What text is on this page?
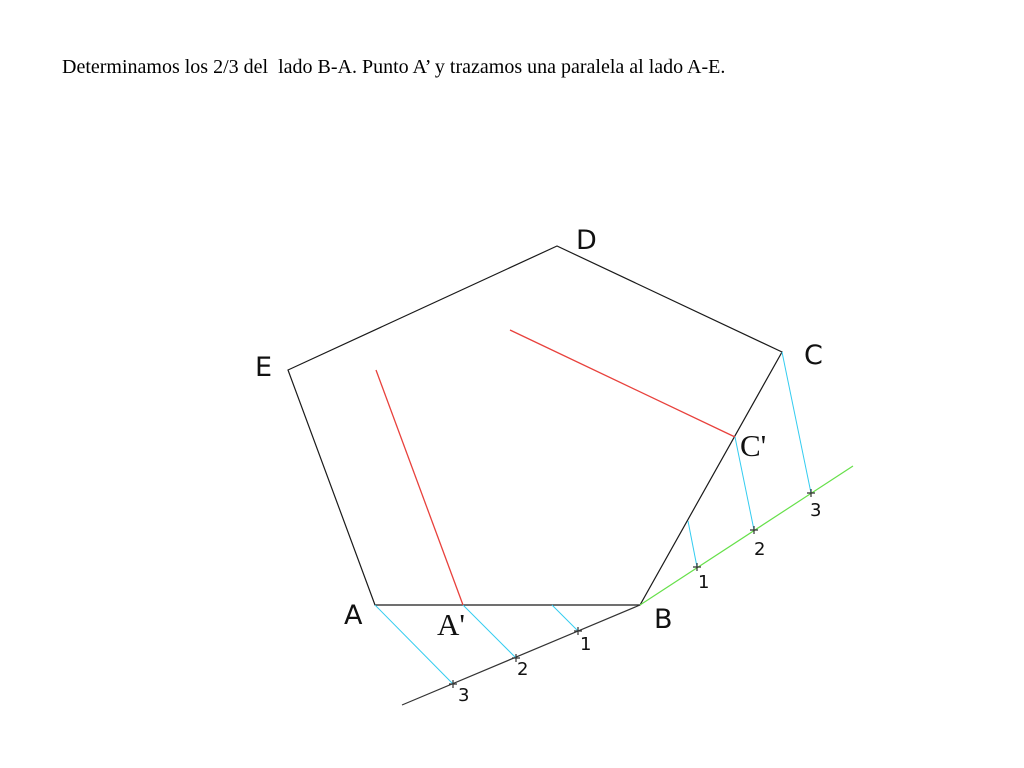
Determinamos los 2/3 del  lado B-A. Punto A’ y trazamos una paralela al lado A-E.
A	B
C
D
E
A'
C'
1
2
3
1
2
3
